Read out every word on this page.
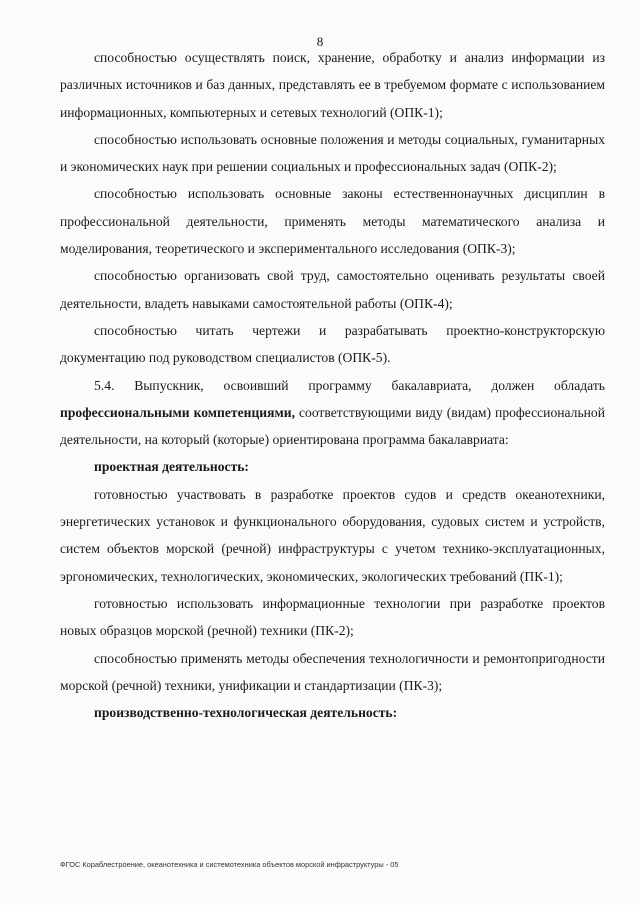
8

способностью осуществлять поиск, хранение, обработку и анализ информации из различных источников и баз данных, представлять ее в требуемом формате с использованием информационных, компьютерных и сетевых технологий (ОПК-1);

способностью использовать основные положения и методы социальных, гуманитарных и экономических наук при решении социальных и профессиональных задач (ОПК-2);

способностью использовать основные законы естественнонаучных дисциплин в профессиональной деятельности, применять методы математического анализа и моделирования, теоретического и экспериментального исследования (ОПК-3);

способностью организовать свой труд, самостоятельно оценивать результаты своей деятельности, владеть навыками самостоятельной работы (ОПК-4);

способностью читать чертежи и разрабатывать проектно-конструкторскую документацию под руководством специалистов (ОПК-5).

5.4. Выпускник, освоивший программу бакалавриата, должен обладать профессиональными компетенциями, соответствующими виду (видам) профессиональной деятельности, на который (которые) ориентирована программа бакалавриата:

проектная деятельность:

готовностью участвовать в разработке проектов судов и средств океанотехники, энергетических установок и функционального оборудования, судовых систем и устройств, систем объектов морской (речной) инфраструктуры с учетом технико-эксплуатационных, эргономических, технологических, экономических, экологических требований (ПК-1);

готовностью использовать информационные технологии при разработке проектов новых образцов морской (речной) техники (ПК-2);

способностью применять методы обеспечения технологичности и ремонтопригодности морской (речной) техники, унификации и стандартизации (ПК-3);

производственно-технологическая деятельность:

ФГОС Кораблестроение, океанотехника и системотехника объектов морской инфраструктуры - 05
